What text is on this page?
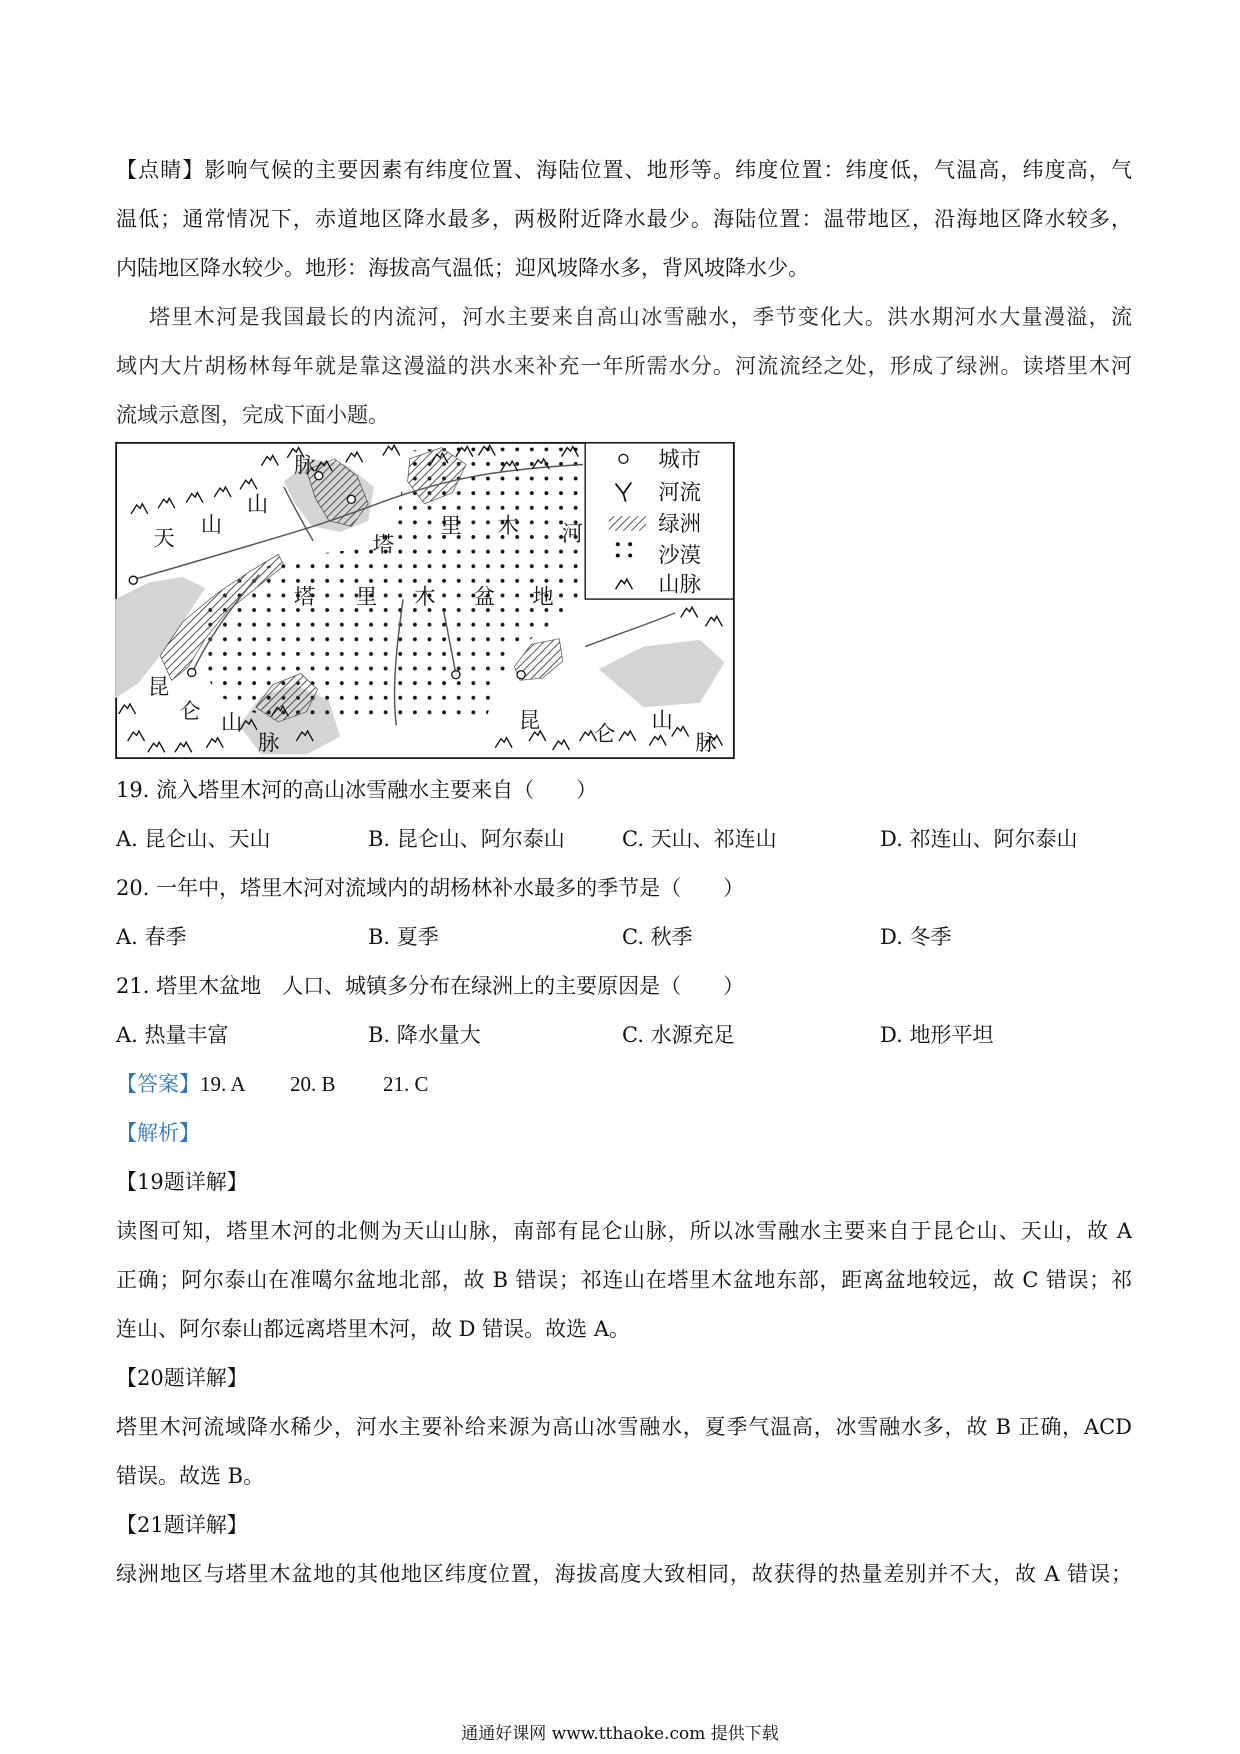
【点睛】影响气候的主要因素有纬度位置、海陆位置、地形等。纬度位置：纬度低，气温高，纬度高，气
温低；通常情况下，赤道地区降水最多，两极附近降水最少。海陆位置：温带地区，沿海地区降水较多，
内陆地区降水较少。地形：海拔高气温低；迎风坡降水多，背风坡降水少。
塔里木河是我国最长的内流河，河水主要来自高山冰雪融水，季节变化大。洪水期河水大量漫溢，流
域内大片胡杨林每年就是靠这漫溢的洪水来补充一年所需水分。河流流经之处，形成了绿洲。读塔里木河
流域示意图，完成下面小题。
天
山
山
脉
塔
里 木 河
塔 里 木 盆 地
昆
仑 山
脉
昆
仑
山
脉
城市
河流
绿洲
沙漠
山脉
19. 流入塔里木河的高山冰雪融水主要来自（　　）
A. 昆仑山、天山	B. 昆仑山、阿尔泰山	C. 天山、祁连山	D. 祁连山、阿尔泰山
20. 一年中，塔里木河对流域内的胡杨林补水最多的季节是（　　）
A. 春季	B. 夏季	C. 秋季	D. 冬季
21. 塔里木盆地　人口、城镇多分布在绿洲上的主要原因是（　　）
A. 热量丰富	B. 降水量大	C. 水源充足	D. 地形平坦
【答案】 19. A 20. B 21. C
【解析】
【19题详解】
读图可知，塔里木河的北侧为天山山脉，南部有昆仑山脉，所以冰雪融水主要来自于昆仑山、天山，故 A
正确；阿尔泰山在准噶尔盆地北部，故 B 错误；祁连山在塔里木盆地东部，距离盆地较远，故 C 错误；祁
连山、阿尔泰山都远离塔里木河，故 D 错误。故选 A。
【20题详解】
塔里木河流域降水稀少，河水主要补给来源为高山冰雪融水，夏季气温高，冰雪融水多，故 B 正确，ACD
错误。故选 B。
【21题详解】
绿洲地区与塔里木盆地的其他地区纬度位置，海拔高度大致相同，故获得的热量差别并不大，故 A 错误；
通通好课网 www.tthaoke.com 提供下载
